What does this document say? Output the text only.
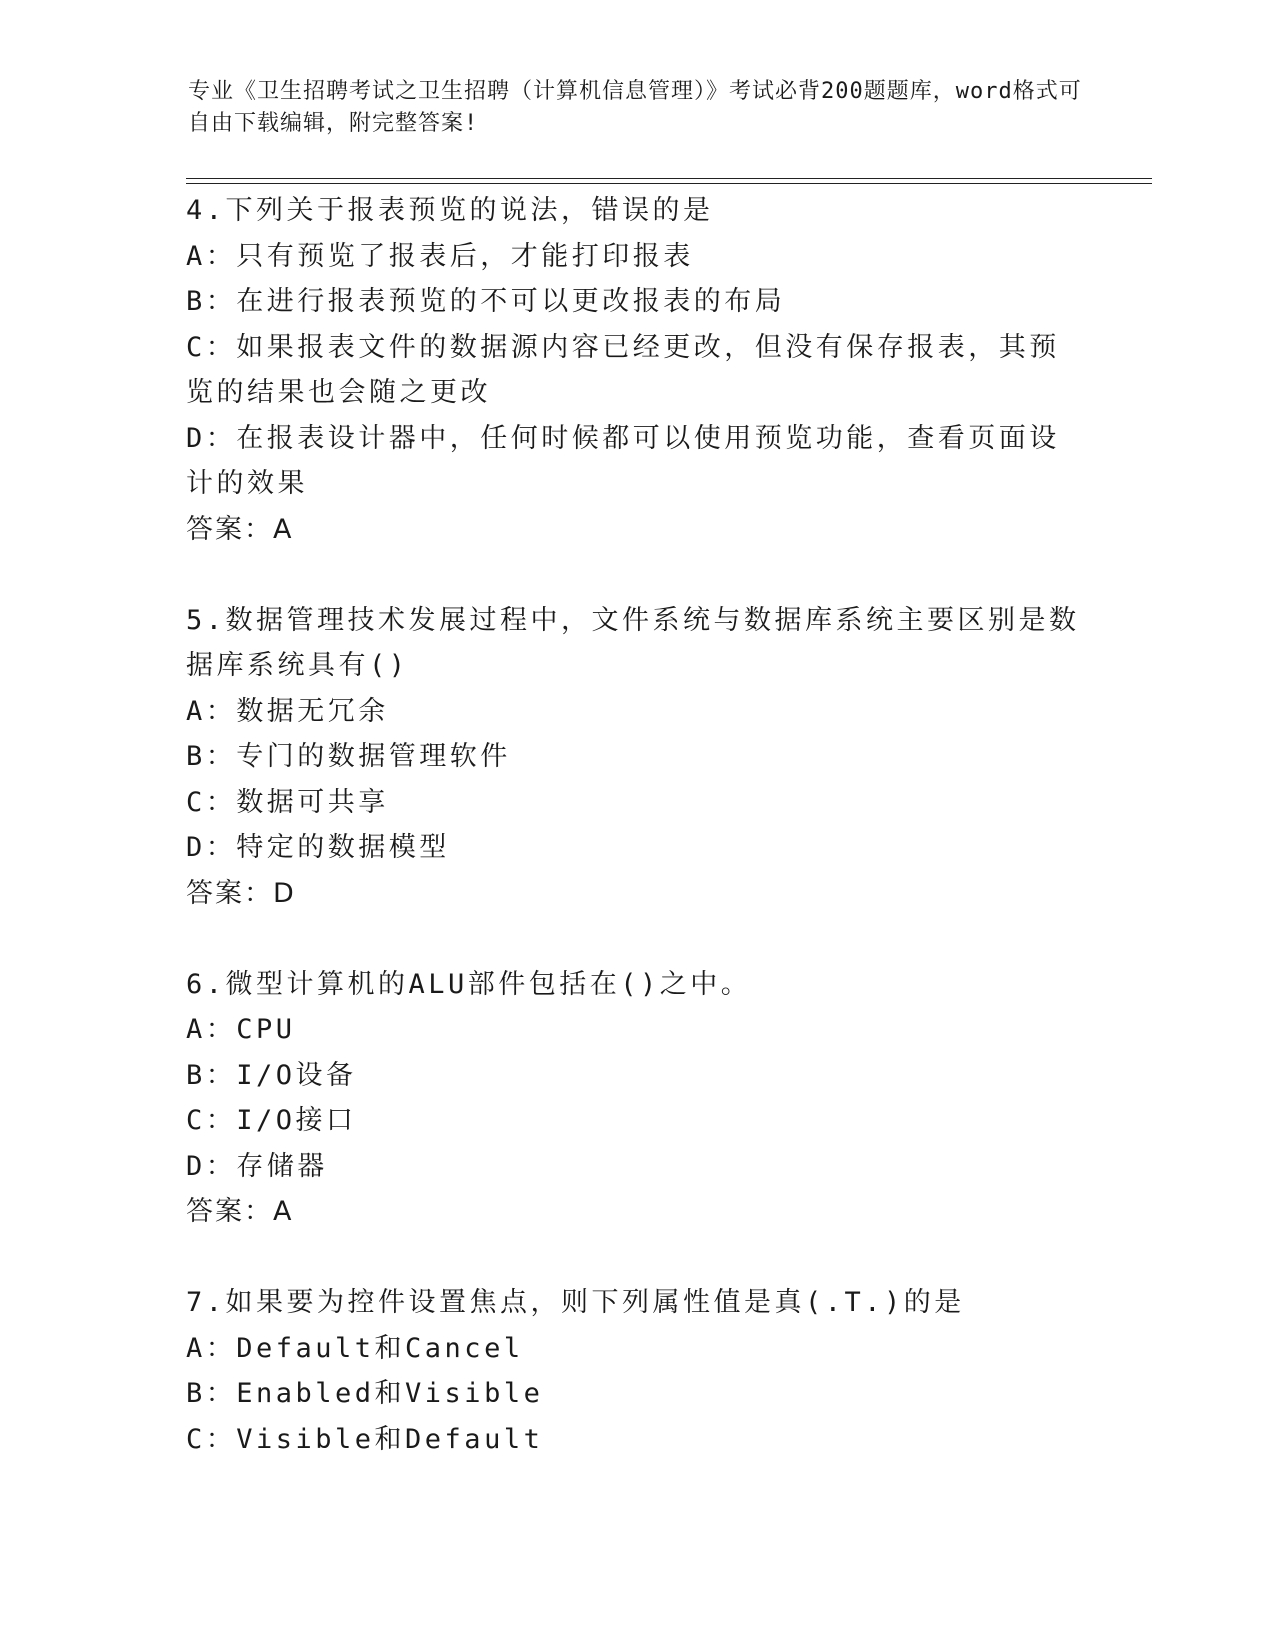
专业《卫生招聘考试之卫生招聘（计算机信息管理）》考试必背200题题库，word格式可自由下载编辑，附完整答案!

4.下列关于报表预览的说法，错误的是

A：只有预览了报表后，才能打印报表

B：在进行报表预览的不可以更改报表的布局

C：如果报表文件的数据源内容已经更改，但没有保存报表，其预览的结果也会随之更改

D：在报表设计器中，任何时候都可以使用预览功能，查看页面设计的效果

答案：A

5.数据管理技术发展过程中，文件系统与数据库系统主要区别是数据库系统具有()

A：数据无冗余

B：专门的数据管理软件

C：数据可共享

D：特定的数据模型

答案：D

6.微型计算机的ALU部件包括在()之中。

A：CPU

B：I/O设备

C：I/O接口

D：存储器

答案：A

7.如果要为控件设置焦点，则下列属性值是真(.T.)的是

A：Default和Cancel

B：Enabled和Visible

C：Visible和Default
